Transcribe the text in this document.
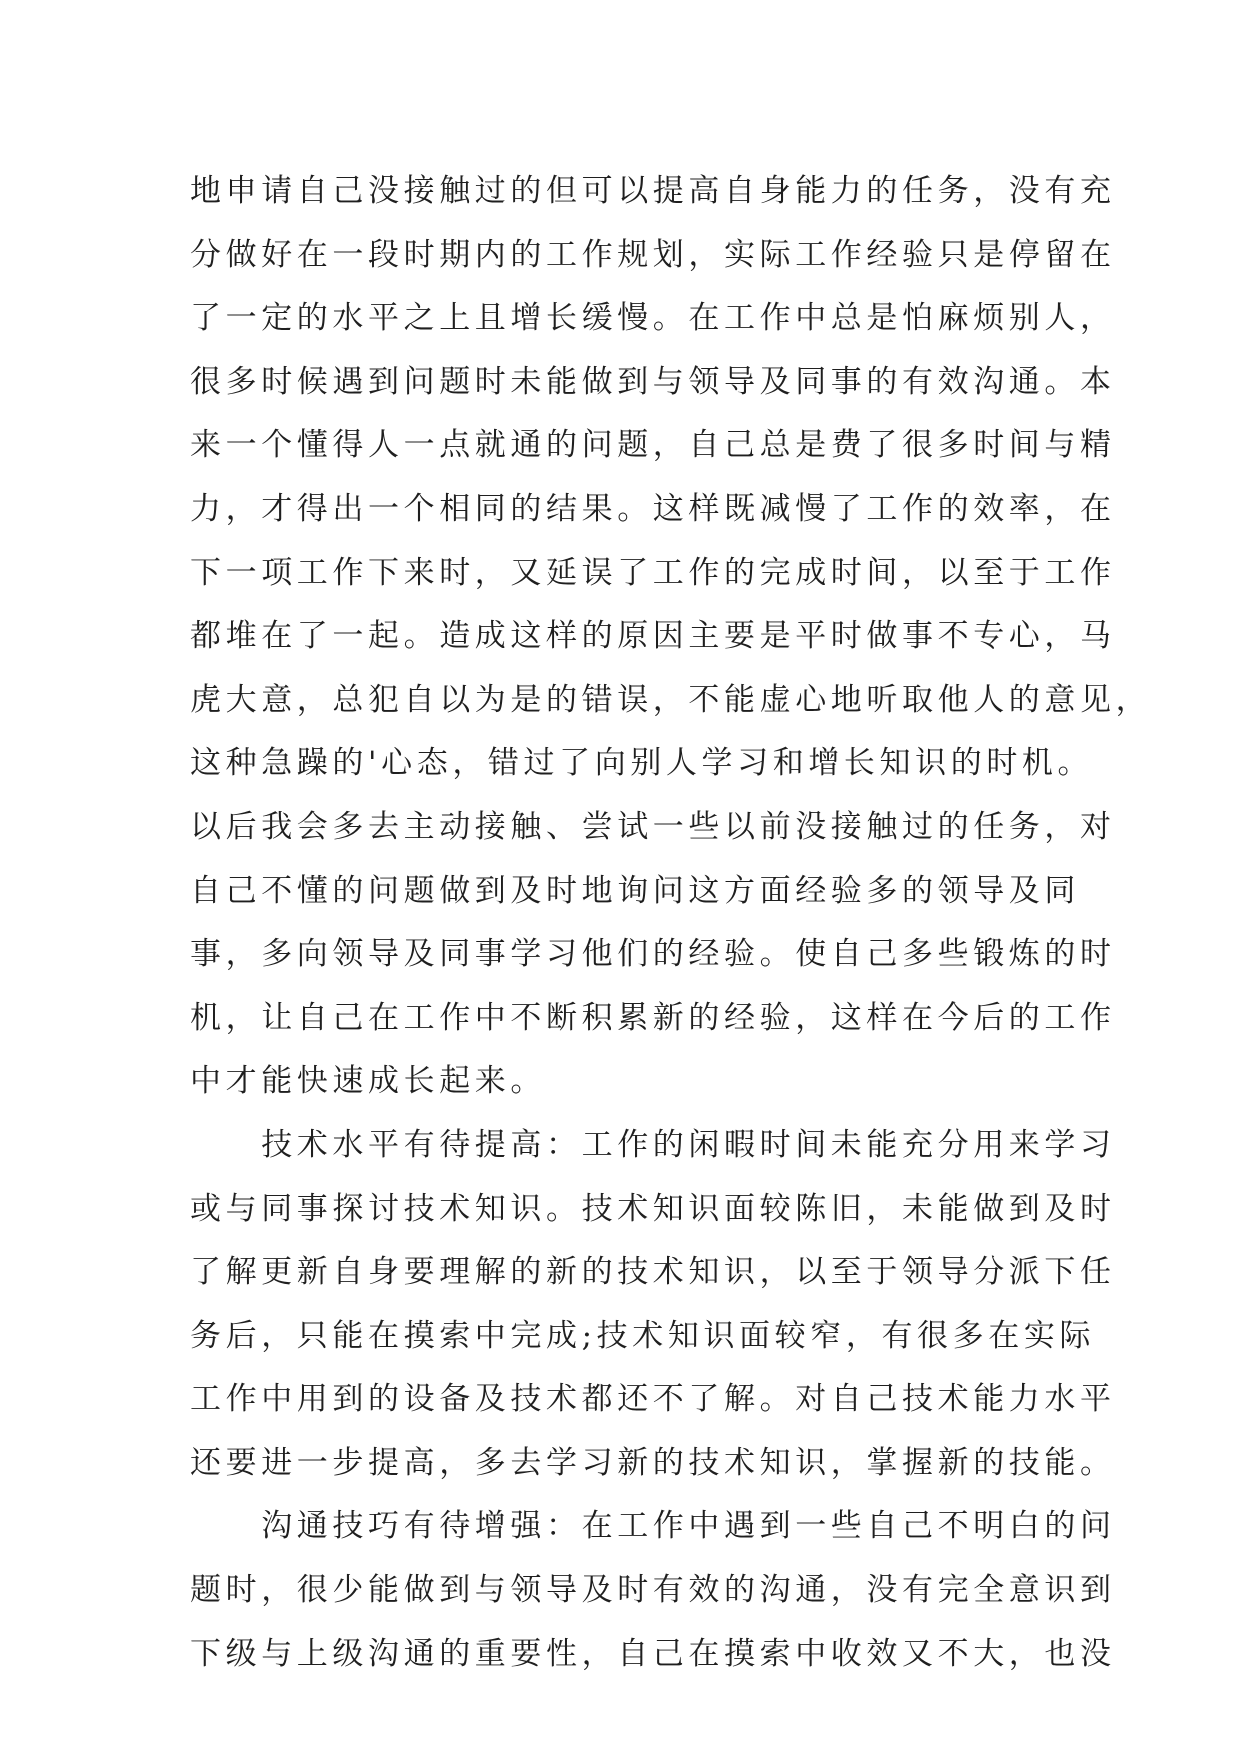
地申请自己没接触过的但可以提高自身能力的任务，没有充
分做好在一段时期内的工作规划，实际工作经验只是停留在
了一定的水平之上且增长缓慢。在工作中总是怕麻烦别人，
很多时候遇到问题时未能做到与领导及同事的有效沟通。本
来一个懂得人一点就通的问题，自己总是费了很多时间与精
力，才得出一个相同的结果。这样既减慢了工作的效率，在
下一项工作下来时，又延误了工作的完成时间，以至于工作
都堆在了一起。造成这样的原因主要是平时做事不专心，马
虎大意，总犯自以为是的错误，不能虚心地听取他人的意见，
这种急躁的'心态，错过了向别人学习和增长知识的时机。
以后我会多去主动接触、尝试一些以前没接触过的任务，对
自己不懂的问题做到及时地询问这方面经验多的领导及同
事，多向领导及同事学习他们的经验。使自己多些锻炼的时
机，让自己在工作中不断积累新的经验，这样在今后的工作
中才能快速成长起来。
　　技术水平有待提高：工作的闲暇时间未能充分用来学习
或与同事探讨技术知识。技术知识面较陈旧，未能做到及时
了解更新自身要理解的新的技术知识，以至于领导分派下任
务后，只能在摸索中完成;技术知识面较窄，有很多在实际
工作中用到的设备及技术都还不了解。对自己技术能力水平
还要进一步提高，多去学习新的技术知识，掌握新的技能。
　　沟通技巧有待增强：在工作中遇到一些自己不明白的问
题时，很少能做到与领导及时有效的沟通，没有完全意识到
下级与上级沟通的重要性，自己在摸索中收效又不大，也没
